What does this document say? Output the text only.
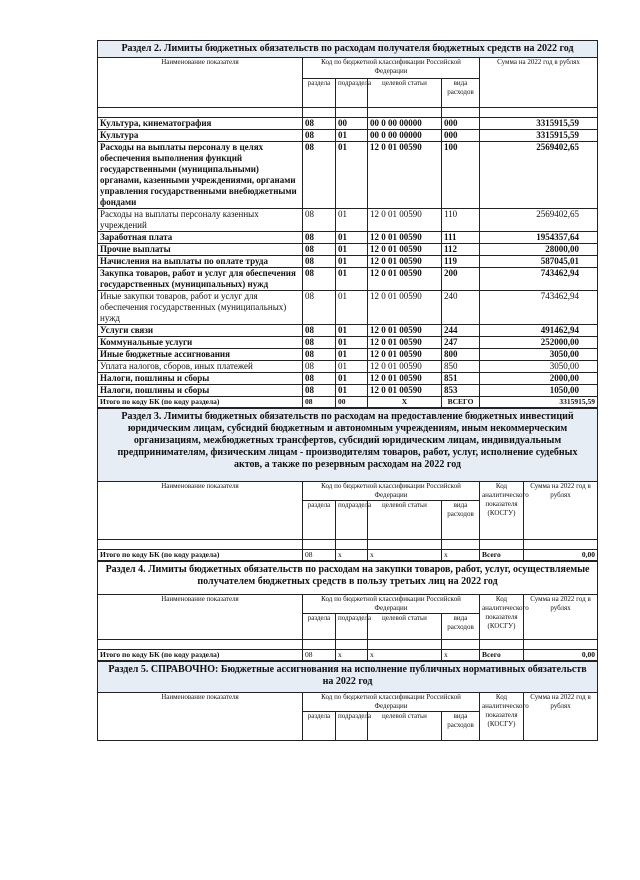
Раздел 2. Лимиты бюджетных обязательств по расходам получателя бюджетных средств на 2022 год					
Наименование показателя	Код по бюджетной классификации Российской Федерации				Сумма на 2022 год в рублях
	раздела	подраздела	целевой статьи	вида расходов	

Культура, кинематография	08	00	00 0 00 00000	000	3315915,59
Культура	08	01	00 0 00 00000	000	3315915,59
Расходы на выплаты персоналу в целях обеспечения выполнения функций государственными (муниципальными) органами, казенными учреждениями, органами управления государственными внебюджетными фондами	08	01	12 0 01 00590	100	2569402,65
Расходы на выплаты персоналу казенных учреждений	08	01	12 0 01 00590	110	2569402,65
Заработная плата	08	01	12 0 01 00590	111	1954357,64
Прочие выплаты	08	01	12 0 01 00590	112	28000,00
Начисления на выплаты по оплате труда	08	01	12 0 01 00590	119	587045,01
Закупка товаров, работ и услуг для обеспечения государственных (муниципальных) нужд	08	01	12 0 01 00590	200	743462,94
Иные закупки товаров, работ и услуг для обеспечения государственных (муниципальных) нужд	08	01	12 0 01 00590	240	743462,94
Услуги связи	08	01	12 0 01 00590	244	491462,94
Коммунальные услуги	08	01	12 0 01 00590	247	252000,00
Иные бюджетные ассигнования	08	01	12 0 01 00590	800	3050,00
Уплата налогов, сборов, иных платежей	08	01	12 0 01 00590	850	3050,00
Налоги, пошлины и сборы	08	01	12 0 01 00590	851	2000,00
Налоги, пошлины и сборы	08	01	12 0 01 00590	853	1050,00
Итого по коду БК (по коду раздела)	08	00	X	ВСЕГО	3315915,59
Раздел 3. Лимиты бюджетных обязательств по расходам на предоставление бюджетных инвестиций юридическим лицам, субсидий бюджетным и автономным учреждениям, иным некоммерческим организациям, межбюджетных трансфертов, субсидий юридическим лицам, индивидуальным предпринимателям, физическим лицам - производителям товаров, работ, услуг, исполнение судебных актов, а также по резервным расходам на 2022 год						
Наименование показателя	Код по бюджетной классификации Российской Федерации				Код аналитического показателя (КОСГУ)	Сумма на 2022 год в рублях
	раздела	подраздела	целевой статьи	вида расходов		

Итого по коду БК (по коду раздела)	08	x	x	x	Всего	0,00
Раздел 4. Лимиты бюджетных обязательств по расходам на закупки товаров, работ, услуг, осуществляемые получателем бюджетных средств в пользу третьих лиц на 2022 год						
Наименование показателя	Код по бюджетной классификации Российской Федерации				Код аналитического показателя (КОСГУ)	Сумма на 2022 год в рублях
	раздела	подраздела	целевой статьи	вида расходов		

Итого по коду БК (по коду раздела)	08	x	x	x	Всего	0,00
Раздел 5. СПРАВОЧНО: Бюджетные ассигнования на исполнение публичных нормативных обязательств на 2022 год						
Наименование показателя	Код по бюджетной классификации Российской Федерации				Код аналитического показателя (КОСГУ)	Сумма на 2022 год в рублях
	раздела	подраздела	целевой статьи	вида расходов		
